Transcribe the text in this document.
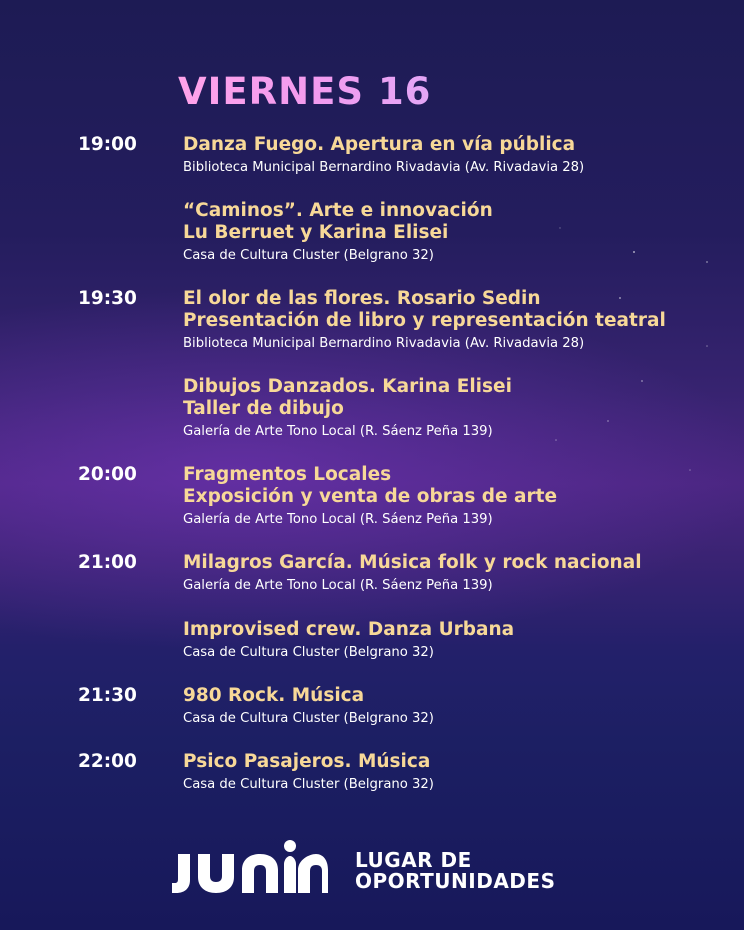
VIERNES 16
19:00 Danza Fuego. Apertura en vía pública
Biblioteca Municipal Bernardino Rivadavia (Av. Rivadavia 28)
“Caminos”. Arte e innovación
Lu Berruet y Karina Elisei
Casa de Cultura Cluster (Belgrano 32)
19:30 El olor de las flores. Rosario Sedin
Presentación de libro y representación teatral
Biblioteca Municipal Bernardino Rivadavia (Av. Rivadavia 28)
Dibujos Danzados. Karina Elisei
Taller de dibujo
Galería de Arte Tono Local (R. Sáenz Peña 139)
20:00 Fragmentos Locales
Exposición y venta de obras de arte
Galería de Arte Tono Local (R. Sáenz Peña 139)
21:00 Milagros García. Música folk y rock nacional
Galería de Arte Tono Local (R. Sáenz Peña 139)
Improvised crew. Danza Urbana
Casa de Cultura Cluster (Belgrano 32)
21:30 980 Rock. Música
Casa de Cultura Cluster (Belgrano 32)
22:00 Psico Pasajeros. Música
Casa de Cultura Cluster (Belgrano 32)
LUGAR DE
OPORTUNIDADES
